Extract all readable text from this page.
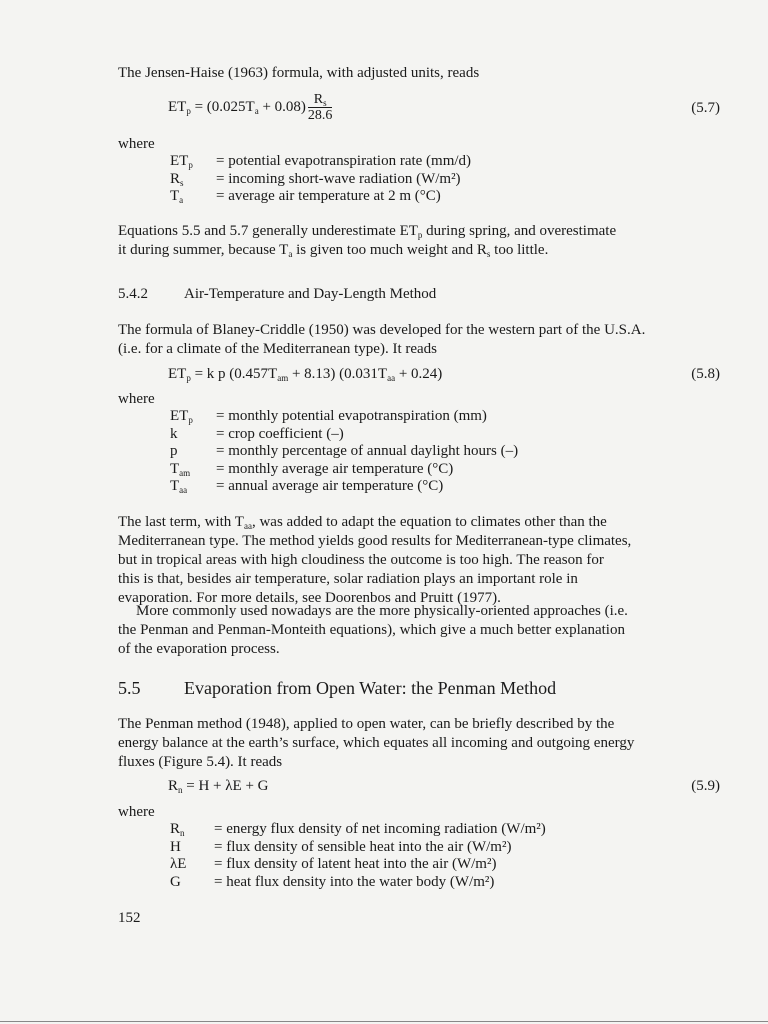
The Jensen-Haise (1963) formula, with adjusted units, reads

$ET_p = (0.025T_a + 0.08) \frac{R_s}{28.6}$	(5.7)
where
$ET_p$	= potential evapotranspiration rate (mm/d)
$R_s$	= incoming short-wave radiation (W/m²)
$T_a$	= average air temperature at 2 m (°C)
Equations 5.5 and 5.7 generally underestimate $ET_p$ during spring, and overestimate
it during summer, because $T_a$ is given too much weight and $R_s$ too little.
5.4.2 Air-Temperature and Day-Length Method
The formula of Blaney-Criddle (1950) was developed for the western part of the U.S.A.
(i.e. for a climate of the Mediterranean type). It reads
$ET_p = k$ p $(0.457T_{am} + 8.13) (0.031T_{aa} + 0.24)$	(5.8)
where
$ET_p$	= monthly potential evapotranspiration (mm)
k	= crop coefficient (–)
p	= monthly percentage of annual daylight hours (–)
$T_{am}$	= monthly average air temperature (°C)
$T_{aa}$	= annual average air temperature (°C)
The last term, with $T_{aa}$, was added to adapt the equation to climates other than the
Mediterranean type. The method yields good results for Mediterranean-type climates,
but in tropical areas with high cloudiness the outcome is too high. The reason for
this is that, besides air temperature, solar radiation plays an important role in
evaporation. For more details, see Doorenbos and Pruitt (1977).
More commonly used nowadays are the more physically-oriented approaches (i.e.
the Penman and Penman-Monteith equations), which give a much better explanation
of the evaporation process.
5.5 Evaporation from Open Water: the Penman Method
The Penman method (1948), applied to open water, can be briefly described by the
energy balance at the earth’s surface, which equates all incoming and outgoing energy
fluxes (Figure 5.4). It reads
$R_n = H + \lambda E + G$	(5.9)
where
$R_n$	= energy flux density of net incoming radiation (W/m²)
H	= flux density of sensible heat into the air (W/m²)
λE	= flux density of latent heat into the air (W/m²)
G	= heat flux density into the water body (W/m²)
152
